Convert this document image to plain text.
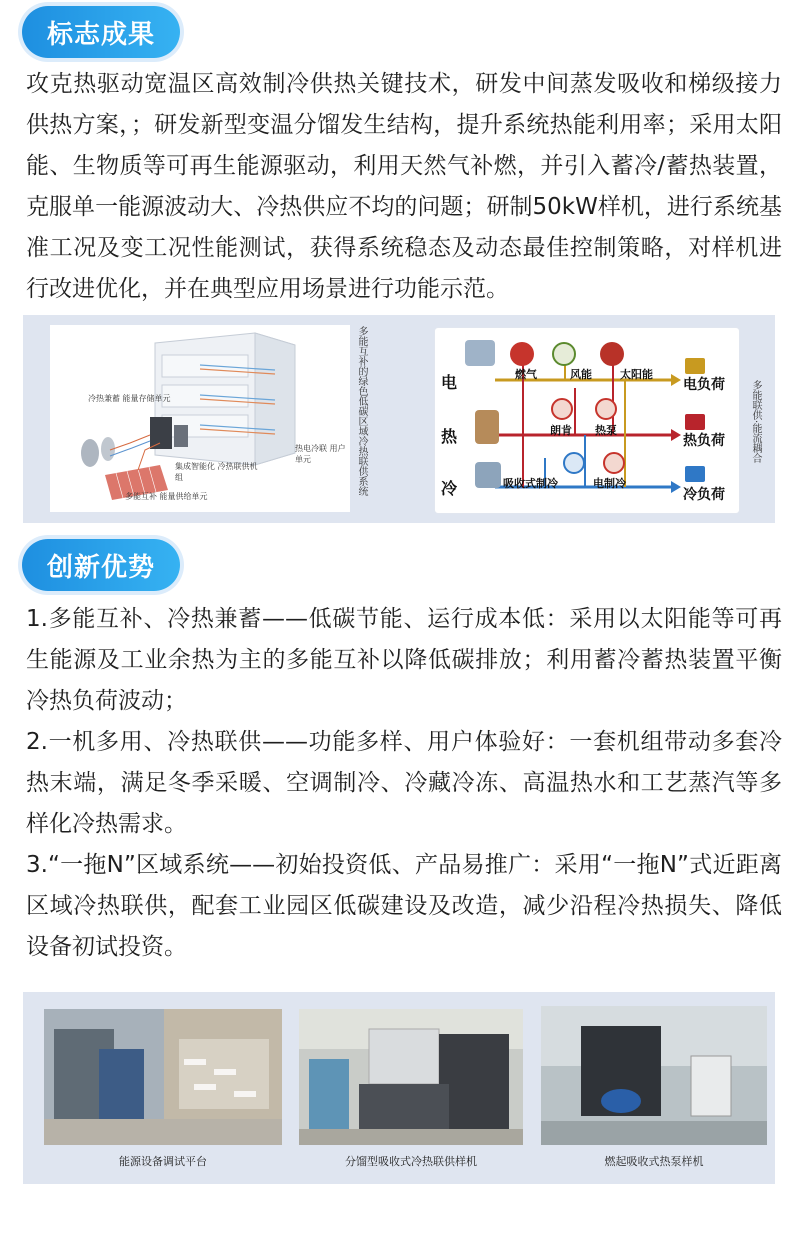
标志成果

攻克热驱动宽温区高效制冷供热关键技术，研发中间蒸发吸收和梯级接力供热方案，；研发新型变温分馏发生结构，提升系统热能利用率；采用太阳能、生物质等可再生能源驱动，利用天然气补燃，并引入蓄冷/蓄热装置，克服单一能源波动大、冷热供应不均的问题；研制50kW样机，进行系统基准工况及变工况性能测试，获得系统稳态及动态最佳控制策略，对样机进行改进优化，并在典型应用场景进行功能示范。

冷热兼蓄 能量存储单元
热电冷联 用户单元
集成智能化 冷热联供机组
多能互补 能量供给单元
多能互补的绿色低碳区域冷热联供系统	燃气	风能	太阳能
电
热
冷
朗肯 热泵
吸收式制冷	电制冷
电负荷
热负荷
冷负荷
多能联供·能流耦合
创新优势

1.多能互补、冷热兼蓄——低碳节能、运行成本低：采用以太阳能等可再生能源及工业余热为主的多能互补以降低碳排放；利用蓄冷蓄热装置平衡冷热负荷波动；

2.一机多用、冷热联供——功能多样、用户体验好：一套机组带动多套冷热末端，满足冬季采暖、空调制冷、冷藏冷冻、高温热水和工艺蒸汽等多样化冷热需求。

3.“一拖N”区域系统——初始投资低、产品易推广：采用“一拖N”式近距离区域冷热联供，配套工业园区低碳建设及改造，减少沿程冷热损失、降低设备初试投资。

能源设备调试平台	分馏型吸收式冷热联供样机	燃起吸收式热泵样机
